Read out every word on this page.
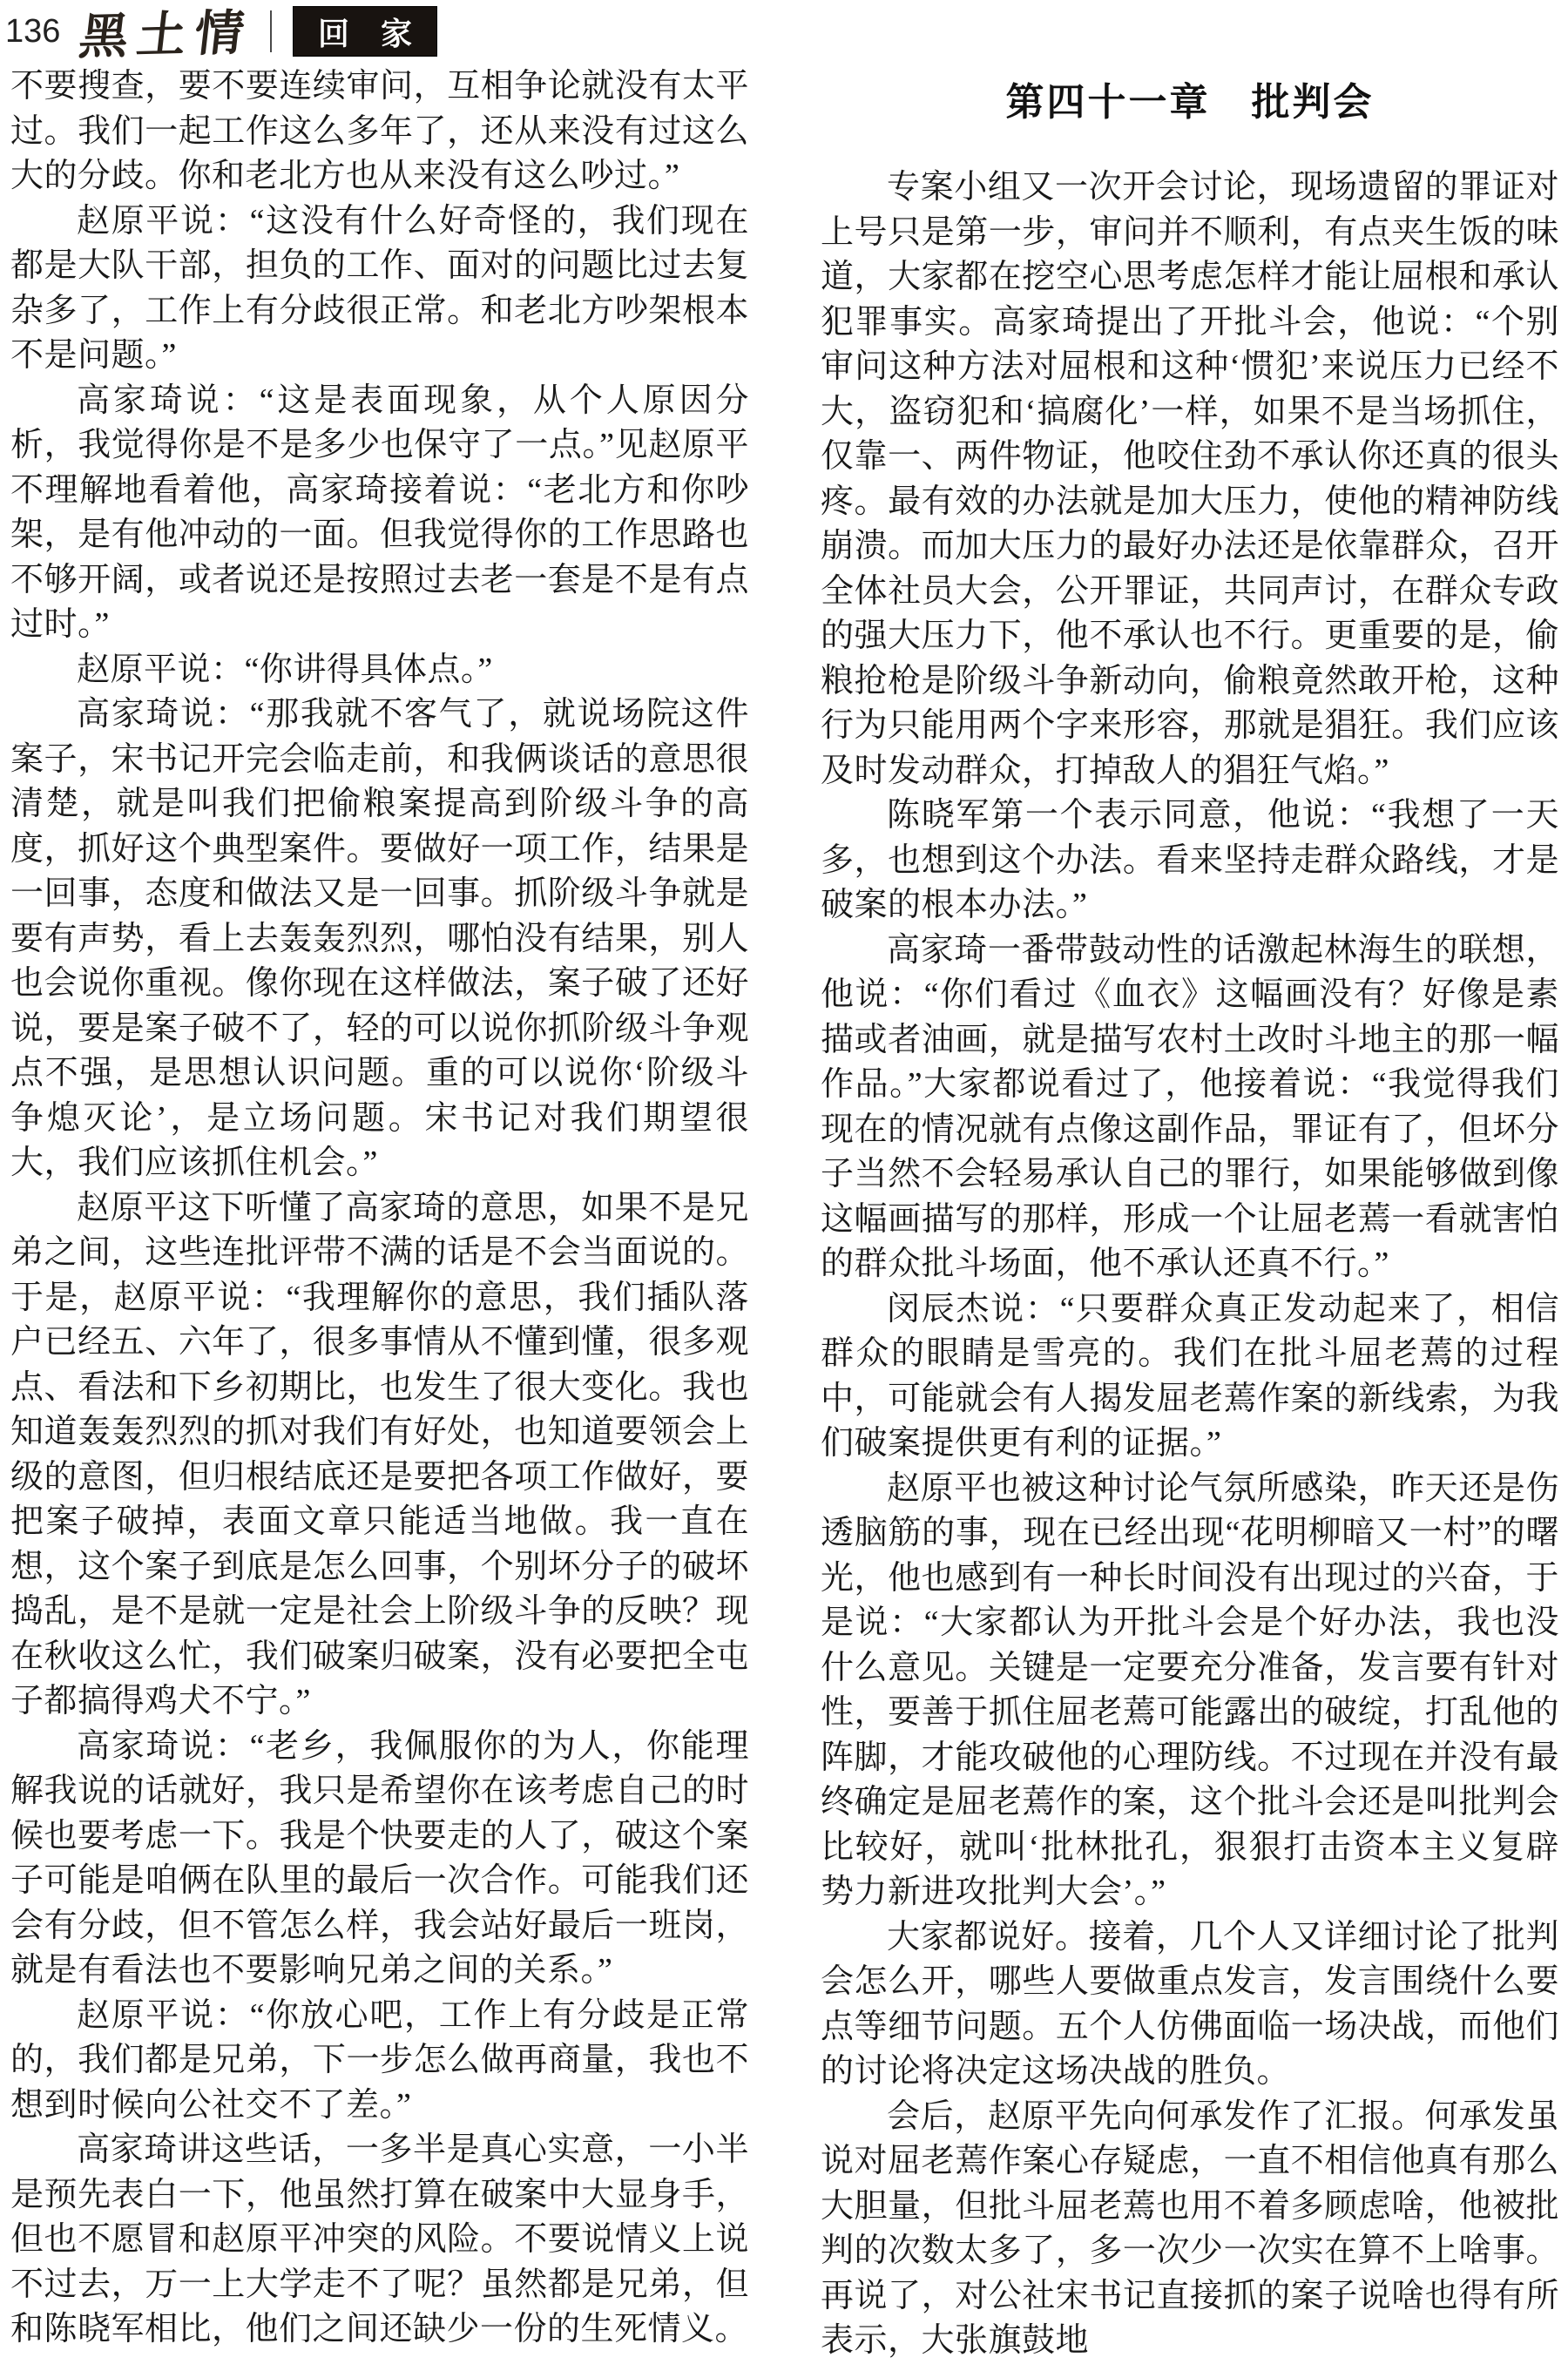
136 黑土情	回　家

不要搜查，要不要连续审问，互相争论就没有太平过。我们一起工作这么多年了，还从来没有过这么大的分歧。你和老北方也从来没有这么吵过。”

赵原平说：“这没有什么好奇怪的，我们现在都是大队干部，担负的工作、面对的问题比过去复杂多了，工作上有分歧很正常。和老北方吵架根本不是问题。”

高家琦说：“这是表面现象，从个人原因分析，我觉得你是不是多少也保守了一点。”见赵原平不理解地看着他，高家琦接着说：“老北方和你吵架，是有他冲动的一面。但我觉得你的工作思路也不够开阔，或者说还是按照过去老一套是不是有点过时。”

赵原平说：“你讲得具体点。”

高家琦说：“那我就不客气了，就说场院这件案子，宋书记开完会临走前，和我俩谈话的意思很清楚，就是叫我们把偷粮案提高到阶级斗争的高度，抓好这个典型案件。要做好一项工作，结果是一回事，态度和做法又是一回事。抓阶级斗争就是要有声势，看上去轰轰烈烈，哪怕没有结果，别人也会说你重视。像你现在这样做法，案子破了还好说，要是案子破不了，轻的可以说你抓阶级斗争观点不强，是思想认识问题。重的可以说你‘阶级斗争熄灭论’，是立场问题。宋书记对我们期望很大，我们应该抓住机会。”

赵原平这下听懂了高家琦的意思，如果不是兄弟之间，这些连批评带不满的话是不会当面说的。于是，赵原平说：“我理解你的意思，我们插队落户已经五、六年了，很多事情从不懂到懂，很多观点、看法和下乡初期比，也发生了很大变化。我也知道轰轰烈烈的抓对我们有好处，也知道要领会上级的意图，但归根结底还是要把各项工作做好，要把案子破掉，表面文章只能适当地做。我一直在想，这个案子到底是怎么回事，个别坏分子的破坏捣乱，是不是就一定是社会上阶级斗争的反映？现在秋收这么忙，我们破案归破案，没有必要把全屯子都搞得鸡犬不宁。”

高家琦说：“老乡，我佩服你的为人，你能理解我说的话就好，我只是希望你在该考虑自己的时候也要考虑一下。我是个快要走的人了，破这个案子可能是咱俩在队里的最后一次合作。可能我们还会有分歧，但不管怎么样，我会站好最后一班岗，就是有看法也不要影响兄弟之间的关系。”

赵原平说：“你放心吧，工作上有分歧是正常的，我们都是兄弟，下一步怎么做再商量，我也不想到时候向公社交不了差。”

高家琦讲这些话，一多半是真心实意，一小半是预先表白一下，他虽然打算在破案中大显身手，但也不愿冒和赵原平冲突的风险。不要说情义上说不过去，万一上大学走不了呢？虽然都是兄弟，但和陈晓军相比，他们之间还缺少一份的生死情义。

第四十一章　批判会

专案小组又一次开会讨论，现场遗留的罪证对上号只是第一步，审问并不顺利，有点夹生饭的味道，大家都在挖空心思考虑怎样才能让屈根和承认犯罪事实。高家琦提出了开批斗会，他说：“个别审问这种方法对屈根和这种‘惯犯’来说压力已经不大，盗窃犯和‘搞腐化’一样，如果不是当场抓住，仅靠一、两件物证，他咬住劲不承认你还真的很头疼。最有效的办法就是加大压力，使他的精神防线崩溃。而加大压力的最好办法还是依靠群众，召开全体社员大会，公开罪证，共同声讨，在群众专政的强大压力下，他不承认也不行。更重要的是，偷粮抢枪是阶级斗争新动向，偷粮竟然敢开枪，这种行为只能用两个字来形容，那就是猖狂。我们应该及时发动群众，打掉敌人的猖狂气焰。”

陈晓军第一个表示同意，他说：“我想了一天多，也想到这个办法。看来坚持走群众路线，才是破案的根本办法。”

高家琦一番带鼓动性的话激起林海生的联想，他说：“你们看过《血衣》这幅画没有？好像是素描或者油画，就是描写农村土改时斗地主的那一幅作品。”大家都说看过了，他接着说：“我觉得我们现在的情况就有点像这副作品，罪证有了，但坏分子当然不会轻易承认自己的罪行，如果能够做到像这幅画描写的那样，形成一个让屈老蔫一看就害怕的群众批斗场面，他不承认还真不行。”

闵辰杰说：“只要群众真正发动起来了，相信群众的眼睛是雪亮的。我们在批斗屈老蔫的过程中，可能就会有人揭发屈老蔫作案的新线索，为我们破案提供更有利的证据。”

赵原平也被这种讨论气氛所感染，昨天还是伤透脑筋的事，现在已经出现“花明柳暗又一村”的曙光，他也感到有一种长时间没有出现过的兴奋，于是说：“大家都认为开批斗会是个好办法，我也没什么意见。关键是一定要充分准备，发言要有针对性，要善于抓住屈老蔫可能露出的破绽，打乱他的阵脚，才能攻破他的心理防线。不过现在并没有最终确定是屈老蔫作的案，这个批斗会还是叫批判会比较好，就叫‘批林批孔，狠狠打击资本主义复辟势力新进攻批判大会’。”

大家都说好。接着，几个人又详细讨论了批判会怎么开，哪些人要做重点发言，发言围绕什么要点等细节问题。五个人仿佛面临一场决战，而他们的讨论将决定这场决战的胜负。

会后，赵原平先向何承发作了汇报。何承发虽说对屈老蔫作案心存疑虑，一直不相信他真有那么大胆量，但批斗屈老蔫也用不着多顾虑啥，他被批判的次数太多了，多一次少一次实在算不上啥事。再说了，对公社宋书记直接抓的案子说啥也得有所表示，大张旗鼓地
